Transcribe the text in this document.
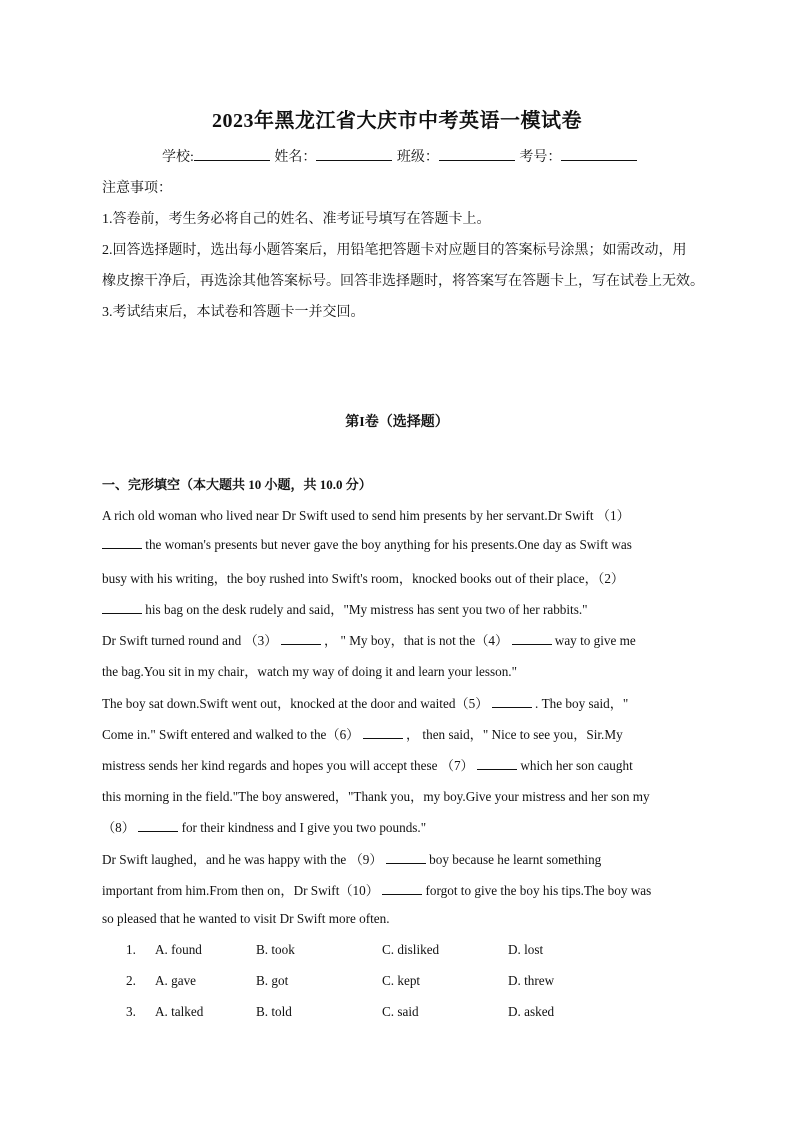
2023年黑龙江省大庆市中考英语一模试卷
学校:	姓名：	班级：	考号：
注意事项：
1.答卷前，考生务必将自己的姓名、准考证号填写在答题卡上。
2.回答选择题时，选出每小题答案后，用铅笔把答题卡对应题目的答案标号涂黑；如需改动，用
橡皮擦干净后，再选涂其他答案标号。回答非选择题时，将答案写在答题卡上，写在试卷上无效。
3.考试结束后，本试卷和答题卡一并交回。
第I卷（选择题）
一、完形填空（本大题共 10 小题，共 10.0 分）
A rich old woman who lived near Dr Swift used to send him presents by her servant.Dr Swift （1）
the woman's presents but never gave the boy anything for his presents.One day as Swift was
busy with his writing，the boy rushed into Swift's room，knocked books out of their place，（2）
his bag on the desk rudely and said，"My mistress has sent you two of her rabbits."
Dr Swift turned round and （3）	， " My boy，that is not the（4）	way to give me
the bag.You sit in my chair，watch my way of doing it and learn your lesson."
The boy sat down.Swift went out，knocked at the door and waited（5）	. The boy said，"
Come in." Swift entered and walked to the（6）	， then said，" Nice to see you，Sir.My
mistress sends her kind regards and hopes you will accept these （7）	which her son caught
this morning in the field."The boy answered，"Thank you，my boy.Give your mistress and her son my
（8）	for their kindness and I give you two pounds."
Dr Swift laughed，and he was happy with the （9）	boy because he learnt something
important from him.From then on，Dr Swift（10）	forgot to give the boy his tips.The boy was
so pleased that he wanted to visit Dr Swift more often.
1. A. found	B. took	C. disliked	D. lost
2. A. gave	B. got	C. kept	D. threw
3. A. talked	B. told	C. said	D. asked
